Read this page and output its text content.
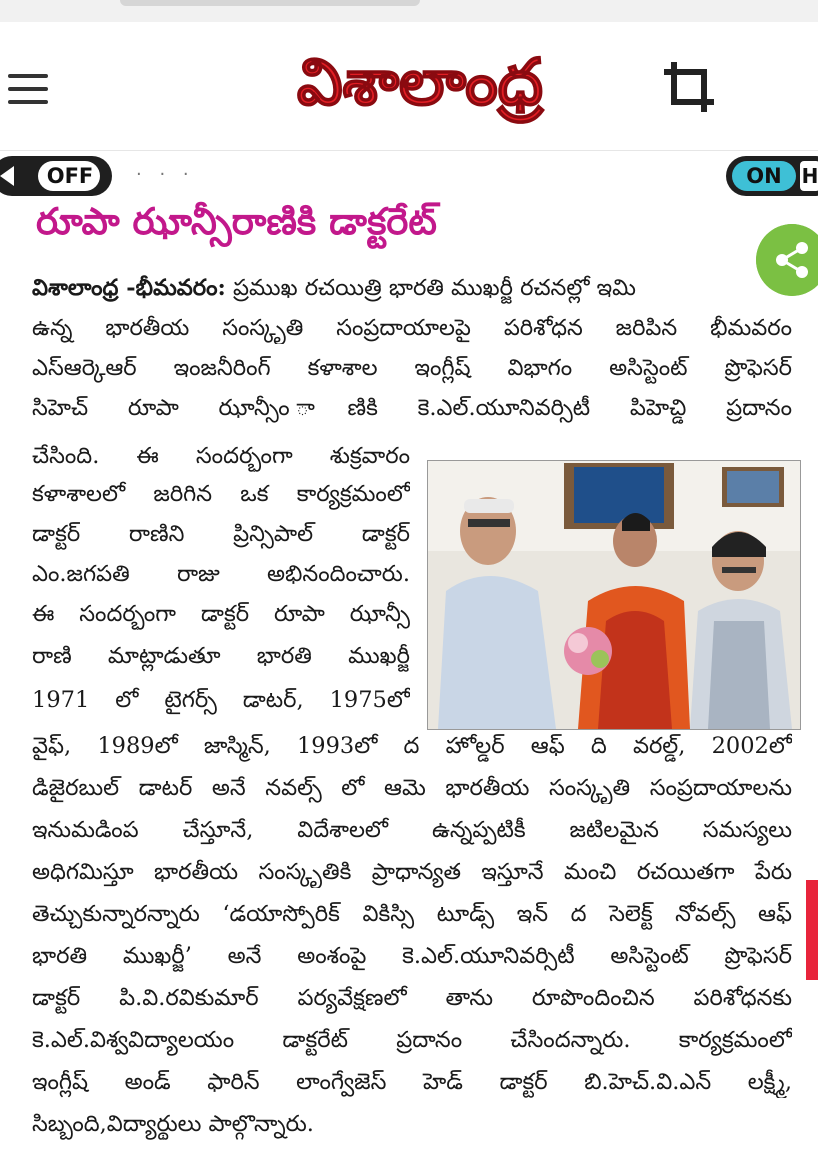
విశాలాంధ్ర
OFF · · ·	ON H
రూపా ఝాన్సీరాణికి డాక్టరేట్
విశాలాంధ్ర -భీమవరం: ప్రముఖ రచయిత్రి భారతి ముఖర్జీ రచనల్లో ఇమి
ఉన్న భారతీయ సంస్కృతి సంప్రదాయాలపై పరిశోధన జరిపిన భీమవరం
ఎస్ఆర్కెఆర్ ఇంజనీరింగ్ కళాశాల ఇంగ్లీష్ విభాగం అసిస్టెంట్ ప్రొఫెసర్
సిహెచ్ రూపా ఝాన్సీం ాణికి కె.ఎల్.యూనివర్సిటీ పిహెచ్డి ప్రదానం
చేసింది. ఈ సందర్భంగా శుక్రవారం
కళాశాలలో జరిగిన ఒక కార్యక్రమంలో
డాక్టర్ రాణిని ప్రిన్సిపాల్ డాక్టర్
ఎం.జగపతి రాజు అభినందించారు.
ఈ సందర్భంగా డాక్టర్ రూపా ఝాన్సీ
రాణి మాట్లాడుతూ భారతి ముఖర్జీ
1971 లో టైగర్స్ డాటర్, 1975లో
వైఫ్, 1989లో జాస్మిన్, 1993లో ద హోల్డర్ ఆఫ్ ది వరల్డ్, 2002లో
డిజైరబుల్ డాటర్ అనే నవల్స్ లో ఆమె భారతీయ సంస్కృతి సంప్రదాయాలను
ఇనుమడింప చేస్తూనే, విదేశాలలో ఉన్నప్పటికీ జటిలమైన సమస్యలు
అధిగమిస్తూ భారతీయ సంస్కృతికి ప్రాధాన్యత ఇస్తూనే మంచి రచయితగా పేరు
తెచ్చుకున్నారన్నారు ‘డయాస్పోరిక్ వికిస్సి టూడ్స్ ఇన్ ద సెలెక్ట్ నోవల్స్ ఆఫ్
భారతి ముఖర్జీ’ అనే అంశంపై కె.ఎల్.యూనివర్సిటీ అసిస్టెంట్ ప్రొఫెసర్
డాక్టర్ పి.వి.రవికుమార్ పర్యవేక్షణలో తాను రూపొందించిన పరిశోధనకు
కె.ఎల్.విశ్వవిద్యాలయం డాక్టరేట్ ప్రదానం చేసిందన్నారు. కార్యక్రమంలో
ఇంగ్లీష్ అండ్ ఫారిన్ లాంగ్వేజెస్ హెడ్ డాక్టర్ బి.హెచ్.వి.ఎన్ లక్ష్మీ,
సిబ్బంది,విద్యార్థులు పాల్గొన్నారు.
